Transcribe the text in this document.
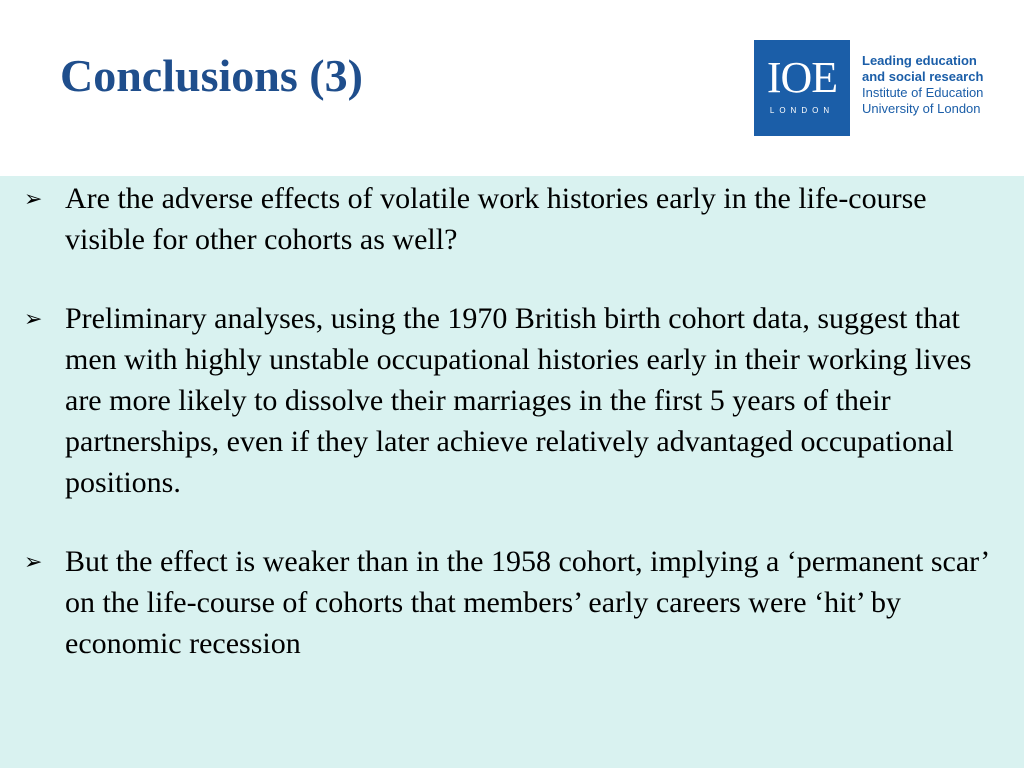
Conclusions (3)	IOE
LONDON
Leading education
and social research
Institute of Education
University of London
➢ Are the adverse effects of volatile work histories early in the life-course visible for other cohorts as well?
➢ Preliminary analyses, using the 1970 British birth cohort data, suggest that men with highly unstable occupational histories early in their working lives are more likely to dissolve their marriages in the first 5 years of their partnerships, even if they later achieve relatively advantaged occupational positions.
➢ But the effect is weaker than in the 1958 cohort, implying a ‘permanent scar’ on the life-course of cohorts that members’ early careers were ‘hit’ by economic recession
